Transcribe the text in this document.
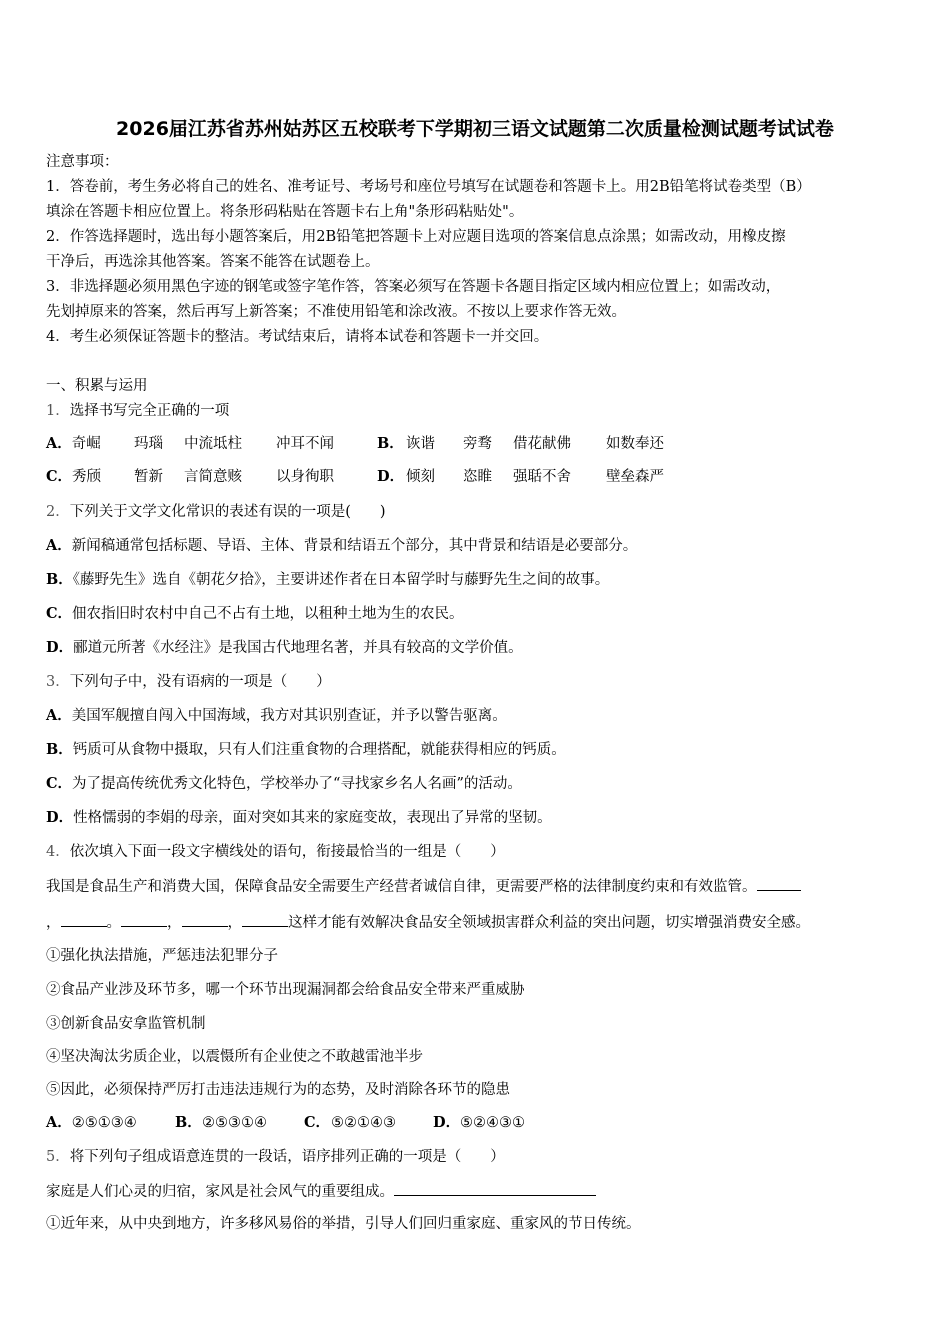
2026届江苏省苏州姑苏区五校联考下学期初三语文试题第二次质量检测试题考试试卷
注意事项：
1．答卷前，考生务必将自己的姓名、准考证号、考场号和座位号填写在试题卷和答题卡上。用2B铅笔将试卷类型（B）
填涂在答题卡相应位置上。将条形码粘贴在答题卡右上角"条形码粘贴处"。
2．作答选择题时，选出每小题答案后，用2B铅笔把答题卡上对应题目选项的答案信息点涂黑；如需改动，用橡皮擦
干净后，再选涂其他答案。答案不能答在试题卷上。
3．非选择题必须用黑色字迹的钢笔或签字笔作答，答案必须写在答题卡各题目指定区域内相应位置上；如需改动，
先划掉原来的答案，然后再写上新答案；不准使用铅笔和涂改液。不按以上要求作答无效。
4．考生必须保证答题卡的整洁。考试结束后，请将本试卷和答题卡一并交回。
一、积累与运用
1．选择书写完全正确的一项
A．奇崛 玛瑙 中流坻柱 冲耳不闻	B． 诙谐 旁骛 借花献佛 如数奉还
C．秀颀 暂新 言简意赅 以身徇职	D． 倾刻 恣睢 强聒不舍 壁垒森严
2．下列关于文学文化常识的表述有误的一项是(　　)
A．新闻稿通常包括标题、导语、主体、背景和结语五个部分，其中背景和结语是必要部分。
B．《藤野先生》选自《朝花夕拾》，主要讲述作者在日本留学时与藤野先生之间的故事。
C．佃农指旧时农村中自己不占有土地，以租种土地为生的农民。
D．郦道元所著《水经注》是我国古代地理名著，并具有较高的文学价值。
3．下列句子中，没有语病的一项是（　　）
A．美国军舰擅自闯入中国海域，我方对其识别查证，并予以警告驱离。
B．钙质可从食物中摄取，只有人们注重食物的合理搭配，就能获得相应的钙质。
C．为了提高传统优秀文化特色，学校举办了“寻找家乡名人名画”的活动。
D．性格懦弱的李娟的母亲，面对突如其来的家庭变故，表现出了异常的坚韧。
4．依次填入下面一段文字横线处的语句，衔接最恰当的一组是（　　）
我国是食品生产和消费大国，保障食品安全需要生产经营者诚信自律，更需要严格的法律制度约束和有效监管。
，	。	，	，	这样才能有效解决食品安全领域损害群众利益的突出问题，切实增强消费安全感。
①强化执法措施，严惩违法犯罪分子
②食品产业涉及环节多，哪一个环节出现漏洞都会给食品安全带来严重威胁
③创新食品安拿监管机制
④坚决淘汰劣质企业，以震慑所有企业使之不敢越雷池半步
⑤因此，必须保持严厉打击违法违规行为的态势，及时消除各环节的隐患
A．②⑤①③④	B． ②⑤③①④	C． ⑤②①④③	D． ⑤②④③①
5．将下列句子组成语意连贯的一段话，语序排列正确的一项是（　　）
家庭是人们心灵的归宿，家风是社会风气的重要组成。
①近年来，从中央到地方，许多移风易俗的举措，引导人们回归重家庭、重家风的节日传统。
